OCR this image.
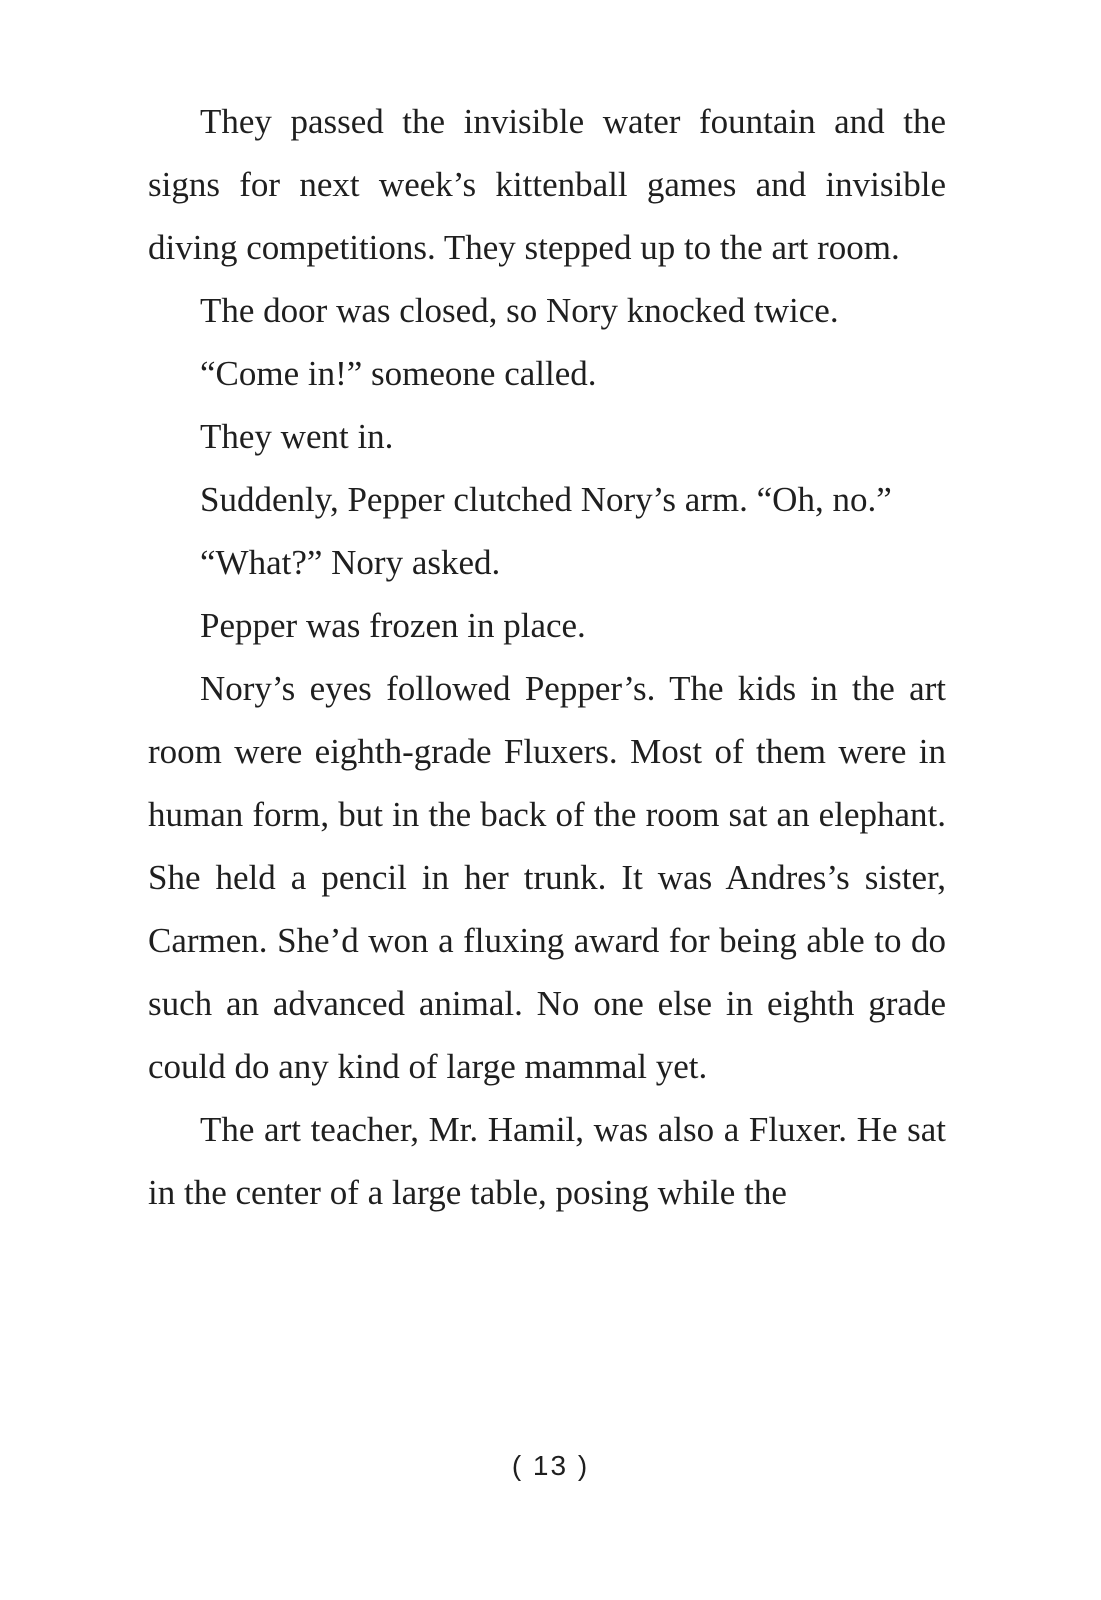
They passed the invisible water fountain and the signs for next week’s kittenball games and invisible diving competitions. They stepped up to the art room.

The door was closed, so Nory knocked twice.

“Come in!” someone called.

They went in.

Suddenly, Pepper clutched Nory’s arm. “Oh, no.”

“What?” Nory asked.

Pepper was frozen in place.

Nory’s eyes followed Pepper’s. The kids in the art room were eighth-grade Fluxers. Most of them were in human form, but in the back of the room sat an elephant. She held a pencil in her trunk. It was Andres’s sister, Carmen. She’d won a fluxing award for being able to do such an advanced animal. No one else in eighth grade could do any kind of large mammal yet.

The art teacher, Mr. Hamil, was also a Fluxer. He sat in the center of a large table, posing while the

( 13 )
